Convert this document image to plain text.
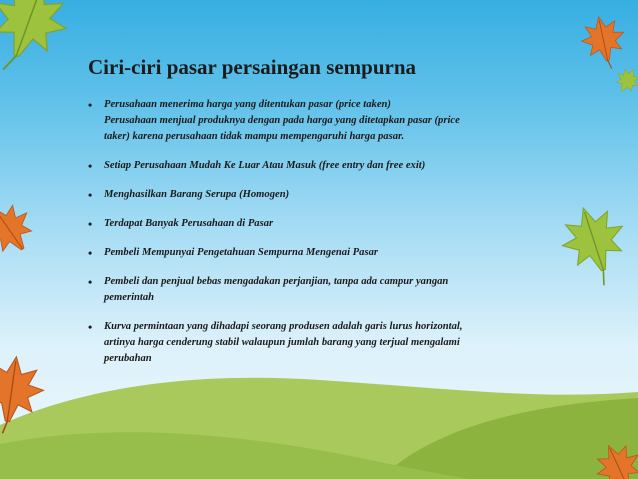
Ciri-ciri pasar persaingan sempurna
• Perusahaan menerima harga yang ditentukan pasar (price taken)
Perusahaan menjual produknya dengan pada harga yang ditetapkan pasar (price
taker) karena perusahaan tidak mampu mempengaruhi harga pasar.
• Setiap Perusahaan Mudah Ke Luar Atau Masuk (free entry dan free exit)
• Menghasilkan Barang Serupa (Homogen)
• Terdapat Banyak Perusahaan di Pasar
• Pembeli Mempunyai Pengetahuan Sempurna Mengenai Pasar
• Pembeli dan penjual bebas mengadakan perjanjian, tanpa ada campur yangan
pemerintah
• Kurva permintaan yang dihadapi seorang produsen adalah garis lurus horizontal,
artinya harga cenderung stabil walaupun jumlah barang yang terjual mengalami
perubahan
